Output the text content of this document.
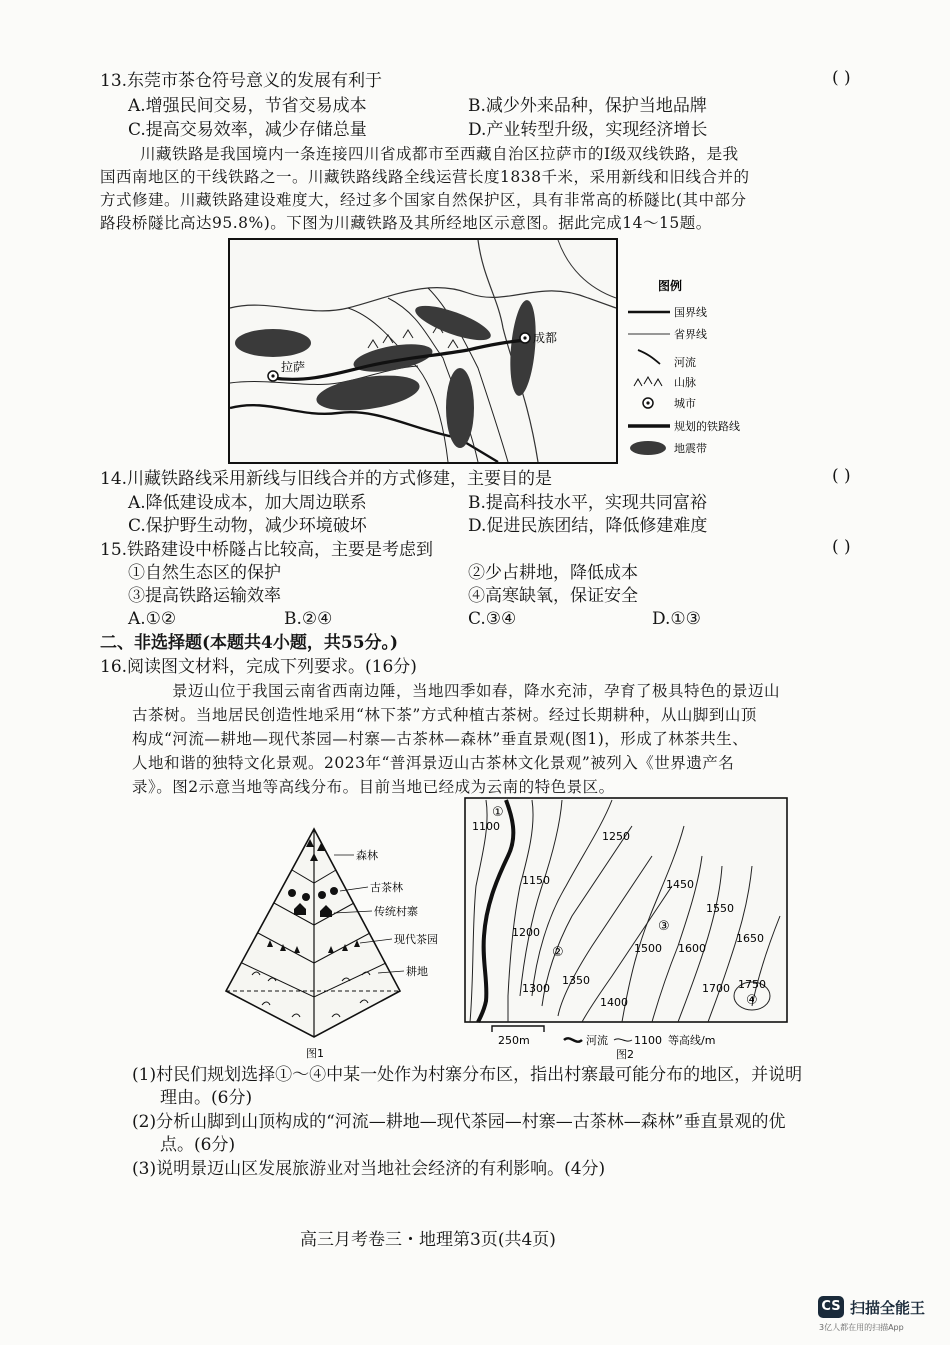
13.东莞市茶仓符号意义的发展有利于	( )
A.增强民间交易，节省交易成本	B.减少外来品种，保护当地品牌
C.提高交易效率，减少存储总量	D.产业转型升级，实现经济增长
川藏铁路是我国境内一条连接四川省成都市至西藏自治区拉萨市的Ⅰ级双线铁路，是我
国西南地区的干线铁路之一。川藏铁路线路全线运营长度1838千米，采用新线和旧线合并的
方式修建。川藏铁路建设难度大，经过多个国家自然保护区，具有非常高的桥隧比(其中部分
路段桥隧比高达95.8%)。下图为川藏铁路及其所经地区示意图。据此完成14～15题。
拉萨
成都
图例
国界线
省界线
河流
山脉
城市
规划的铁路线
地震带
14.川藏铁路线采用新线与旧线合并的方式修建，主要目的是	( )
A.降低建设成本，加大周边联系	B.提高科技水平，实现共同富裕
C.保护野生动物，减少环境破坏	D.促进民族团结，降低修建难度
15.铁路建设中桥隧占比较高，主要是考虑到	( )
①自然生态区的保护	②少占耕地，降低成本
③提高铁路运输效率	④高寒缺氧，保证安全
A.①②	B.②④	C.③④	D.①③
二、非选择题(本题共4小题，共55分。)
16.阅读图文材料，完成下列要求。(16分)
景迈山位于我国云南省西南边陲，当地四季如春，降水充沛，孕育了极具特色的景迈山
古茶树。当地居民创造性地采用“林下茶”方式种植古茶树。经过长期耕种，从山脚到山顶
构成“河流—耕地—现代茶园—村寨—古茶林—森林”垂直景观(图1)，形成了林茶共生、
人地和谐的独特文化景观。2023年“普洱景迈山古茶林文化景观”被列入《世界遗产名
录》。图2示意当地等高线分布。目前当地已经成为云南的特色景区。
森林
古茶林
传统村寨
现代茶园
耕地
图1
1100
1150
1200
1250
1300
1350
1400
1450
1500
1550
1600
1650
1700 1750
①
②
③
④
250m	河流 1100 等高线/m
图2
(1)村民们规划选择①～④中某一处作为村寨分布区，指出村寨最可能分布的地区，并说明
理由。(6分)
(2)分析山脚到山顶构成的“河流—耕地—现代茶园—村寨—古茶林—森林”垂直景观的优
点。(6分)
(3)说明景迈山区发展旅游业对当地社会经济的有利影响。(4分)
高三月考卷三・地理第3页(共4页)
CS 扫描全能王
3亿人都在用的扫描App
